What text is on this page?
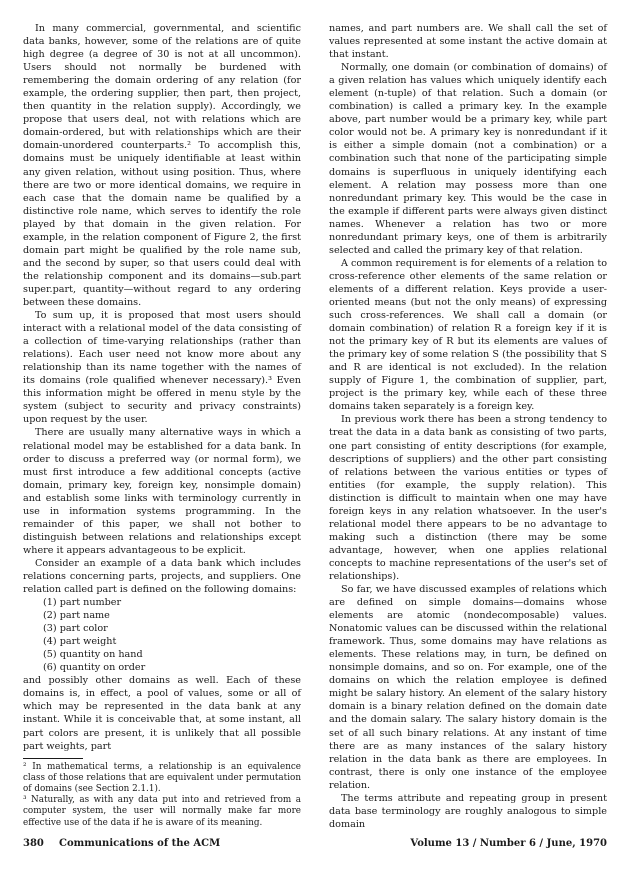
In many commercial, governmental, and scientific data banks, however, some of the relations are of quite high degree (a degree of 30 is not at all uncommon). Users should not normally be burdened with remembering the domain ordering of any relation (for example, the ordering supplier, then part, then project, then quantity in the relation supply). Accordingly, we propose that users deal, not with relations which are domain-ordered, but with relationships which are their domain-unordered counterparts.² To accomplish this, domains must be uniquely identifiable at least within any given relation, without using position. Thus, where there are two or more identical domains, we require in each case that the domain name be qualified by a distinctive role name, which serves to identify the role played by that domain in the given relation. For example, in the relation component of Figure 2, the first domain part might be qualified by the role name sub, and the second by super, so that users could deal with the relationship component and its domains—sub.part super.part, quantity—without regard to any ordering between these domains.

To sum up, it is proposed that most users should interact with a relational model of the data consisting of a collection of time-varying relationships (rather than relations). Each user need not know more about any relationship than its name together with the names of its domains (role qualified whenever necessary).³ Even this information might be offered in menu style by the system (subject to security and privacy constraints) upon request by the user.

There are usually many alternative ways in which a relational model may be established for a data bank. In order to discuss a preferred way (or normal form), we must first introduce a few additional concepts (active domain, primary key, foreign key, nonsimple domain) and establish some links with terminology currently in use in information systems programming. In the remainder of this paper, we shall not bother to distinguish between relations and relationships except where it appears advantageous to be explicit.

Consider an example of a data bank which includes relations concerning parts, projects, and suppliers. One relation called part is defined on the following domains:

(1) part number
(2) part name
(3) part color
(4) part weight
(5) quantity on hand
(6) quantity on order

and possibly other domains as well. Each of these domains is, in effect, a pool of values, some or all of which may be represented in the data bank at any instant. While it is conceivable that, at some instant, all part colors are present, it is unlikely that all possible part weights, part

² In mathematical terms, a relationship is an equivalence class of those relations that are equivalent under permutation of domains (see Section 2.1.1).

³ Naturally, as with any data put into and retrieved from a computer system, the user will normally make far more effective use of the data if he is aware of its meaning.

names, and part numbers are. We shall call the set of values represented at some instant the active domain at that instant.

Normally, one domain (or combination of domains) of a given relation has values which uniquely identify each element (n-tuple) of that relation. Such a domain (or combination) is called a primary key. In the example above, part number would be a primary key, while part color would not be. A primary key is nonredundant if it is either a simple domain (not a combination) or a combination such that none of the participating simple domains is superfluous in uniquely identifying each element. A relation may possess more than one nonredundant primary key. This would be the case in the example if different parts were always given distinct names. Whenever a relation has two or more nonredundant primary keys, one of them is arbitrarily selected and called the primary key of that relation.

A common requirement is for elements of a relation to cross-reference other elements of the same relation or elements of a different relation. Keys provide a user-oriented means (but not the only means) of expressing such cross-references. We shall call a domain (or domain combination) of relation R a foreign key if it is not the primary key of R but its elements are values of the primary key of some relation S (the possibility that S and R are identical is not excluded). In the relation supply of Figure 1, the combination of supplier, part, project is the primary key, while each of these three domains taken separately is a foreign key.

In previous work there has been a strong tendency to treat the data in a data bank as consisting of two parts, one part consisting of entity descriptions (for example, descriptions of suppliers) and the other part consisting of relations between the various entities or types of entities (for example, the supply relation). This distinction is difficult to maintain when one may have foreign keys in any relation whatsoever. In the user's relational model there appears to be no advantage to making such a distinction (there may be some advantage, however, when one applies relational concepts to machine representations of the user's set of relationships).

So far, we have discussed examples of relations which are defined on simple domains—domains whose elements are atomic (nondecomposable) values. Nonatomic values can be discussed within the relational framework. Thus, some domains may have relations as elements. These relations may, in turn, be defined on nonsimple domains, and so on. For example, one of the domains on which the relation employee is defined might be salary history. An element of the salary history domain is a binary relation defined on the domain date and the domain salary. The salary history domain is the set of all such binary relations. At any instant of time there are as many instances of the salary history relation in the data bank as there are employees. In contrast, there is only one instance of the employee relation.

The terms attribute and repeating group in present data base terminology are roughly analogous to simple domain

380 Communications of the ACM	Volume 13 / Number 6 / June, 1970
